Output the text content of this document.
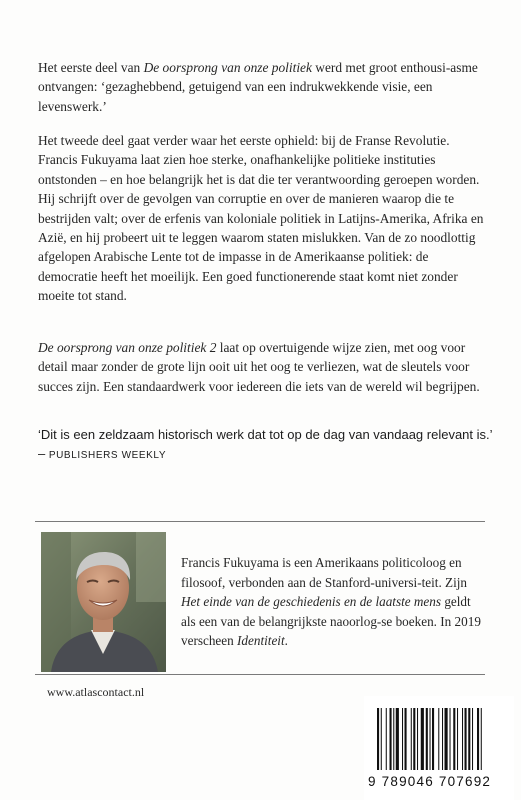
Het eerste deel van De oorsprong van onze politiek werd met groot enthousi-asme ontvangen: ‘gezaghebbend, getuigend van een indrukwekkende visie, een levenswerk.’

Het tweede deel gaat verder waar het eerste ophield: bij de Franse Revolutie. Francis Fukuyama laat zien hoe sterke, onafhankelijke politieke instituties ontstonden – en hoe belangrijk het is dat die ter verantwoording geroepen worden. Hij schrijft over de gevolgen van corruptie en over de manieren waarop die te bestrijden valt; over de erfenis van koloniale politiek in Latijns-Amerika, Afrika en Azië, en hij probeert uit te leggen waarom staten mislukken. Van de zo noodlottig afgelopen Arabische Lente tot de impasse in de Amerikaanse politiek: de democratie heeft het moeilijk. Een goed functionerende staat komt niet zonder moeite tot stand.

De oorsprong van onze politiek 2 laat op overtuigende wijze zien, met oog voor detail maar zonder de grote lijn ooit uit het oog te verliezen, wat de sleutels voor succes zijn. Een standaardwerk voor iedereen die iets van de wereld wil begrijpen.

‘Dit is een zeldzaam historisch werk dat tot op de dag van vandaag relevant is.’ – PUBLISHERS WEEKLY

Francis Fukuyama is een Amerikaans politicoloog en filosoof, verbonden aan de Stanford-universi-teit. Zijn Het einde van de geschiedenis en de laatste mens geldt als een van de belangrijkste naoorlog-se boeken. In 2019 verscheen Identiteit.

www.atlascontact.nl
9 789046 707692
